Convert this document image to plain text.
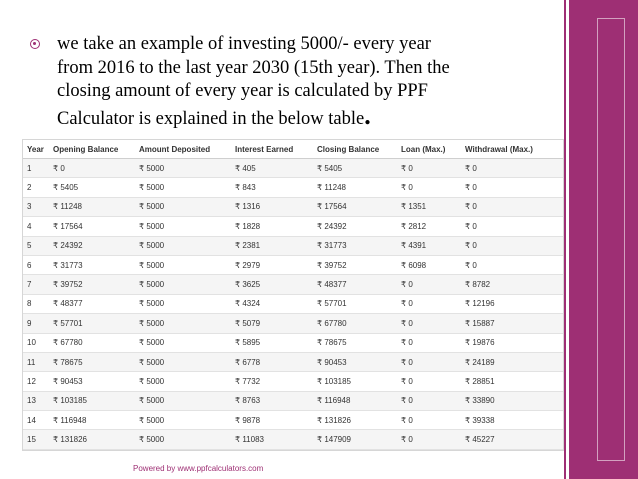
we take an example of investing 5000/- every year
from 2016 to the last year 2030 (15th year). Then the
closing amount of every year is calculated by PPF
Calculator is explained in the below table.
Year	Opening Balance	Amount Deposited	Interest Earned	Closing Balance	Loan (Max.)	Withdrawal (Max.)
1	₹ 0	₹ 5000	₹ 405	₹ 5405	₹ 0	₹ 0
2	₹ 5405	₹ 5000	₹ 843	₹ 11248	₹ 0	₹ 0
3	₹ 11248	₹ 5000	₹ 1316	₹ 17564	₹ 1351	₹ 0
4	₹ 17564	₹ 5000	₹ 1828	₹ 24392	₹ 2812	₹ 0
5	₹ 24392	₹ 5000	₹ 2381	₹ 31773	₹ 4391	₹ 0
6	₹ 31773	₹ 5000	₹ 2979	₹ 39752	₹ 6098	₹ 0
7	₹ 39752	₹ 5000	₹ 3625	₹ 48377	₹ 0	₹ 8782
8	₹ 48377	₹ 5000	₹ 4324	₹ 57701	₹ 0	₹ 12196
9	₹ 57701	₹ 5000	₹ 5079	₹ 67780	₹ 0	₹ 15887
10	₹ 67780	₹ 5000	₹ 5895	₹ 78675	₹ 0	₹ 19876
11	₹ 78675	₹ 5000	₹ 6778	₹ 90453	₹ 0	₹ 24189
12	₹ 90453	₹ 5000	₹ 7732	₹ 103185	₹ 0	₹ 28851
13	₹ 103185	₹ 5000	₹ 8763	₹ 116948	₹ 0	₹ 33890
14	₹ 116948	₹ 5000	₹ 9878	₹ 131826	₹ 0	₹ 39338
15	₹ 131826	₹ 5000	₹ 11083	₹ 147909	₹ 0	₹ 45227
Powered by www.ppfcalculators.com
